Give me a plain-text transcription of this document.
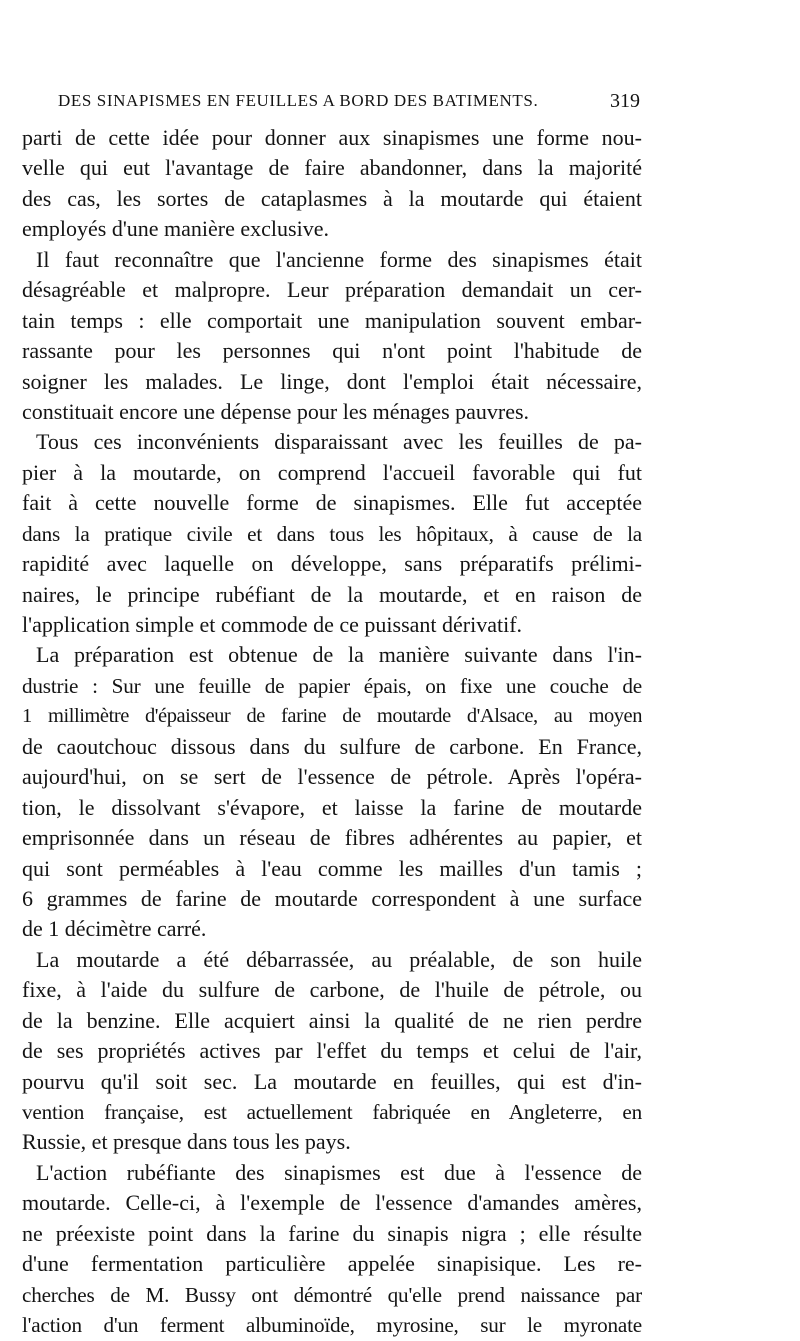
DES SINAPISMES EN FEUILLES A BORD DES BATIMENTS.	319
parti de cette idée pour donner aux sinapismes une forme nou-
velle qui eut l'avantage de faire abandonner, dans la majorité
des cas, les sortes de cataplasmes à la moutarde qui étaient
employés d'une manière exclusive.
Il faut reconnaître que l'ancienne forme des sinapismes était
désagréable et malpropre. Leur préparation demandait un cer-
tain temps : elle comportait une manipulation souvent embar-
rassante pour les personnes qui n'ont point l'habitude de
soigner les malades. Le linge, dont l'emploi était nécessaire,
constituait encore une dépense pour les ménages pauvres.
Tous ces inconvénients disparaissant avec les feuilles de pa-
pier à la moutarde, on comprend l'accueil favorable qui fut
fait à cette nouvelle forme de sinapismes. Elle fut acceptée
dans la pratique civile et dans tous les hôpitaux, à cause de la
rapidité avec laquelle on développe, sans préparatifs prélimi-
naires, le principe rubéfiant de la moutarde, et en raison de
l'application simple et commode de ce puissant dérivatif.
La préparation est obtenue de la manière suivante dans l'in-
dustrie : Sur une feuille de papier épais, on fixe une couche de
1 millimètre d'épaisseur de farine de moutarde d'Alsace, au moyen
de caoutchouc dissous dans du sulfure de carbone. En France,
aujourd'hui, on se sert de l'essence de pétrole. Après l'opéra-
tion, le dissolvant s'évapore, et laisse la farine de moutarde
emprisonnée dans un réseau de fibres adhérentes au papier, et
qui sont perméables à l'eau comme les mailles d'un tamis ;
6 grammes de farine de moutarde correspondent à une surface
de 1 décimètre carré.
La moutarde a été débarrassée, au préalable, de son huile
fixe, à l'aide du sulfure de carbone, de l'huile de pétrole, ou
de la benzine. Elle acquiert ainsi la qualité de ne rien perdre
de ses propriétés actives par l'effet du temps et celui de l'air,
pourvu qu'il soit sec. La moutarde en feuilles, qui est d'in-
vention française, est actuellement fabriquée en Angleterre, en
Russie, et presque dans tous les pays.
L'action rubéfiante des sinapismes est due à l'essence de
moutarde. Celle-ci, à l'exemple de l'essence d'amandes amères,
ne préexiste point dans la farine du sinapis nigra ; elle résulte
d'une fermentation particulière appelée sinapisique. Les re-
cherches de M. Bussy ont démontré qu'elle prend naissance par
l'action d'un ferment albuminoïde, myrosine, sur le myronate
